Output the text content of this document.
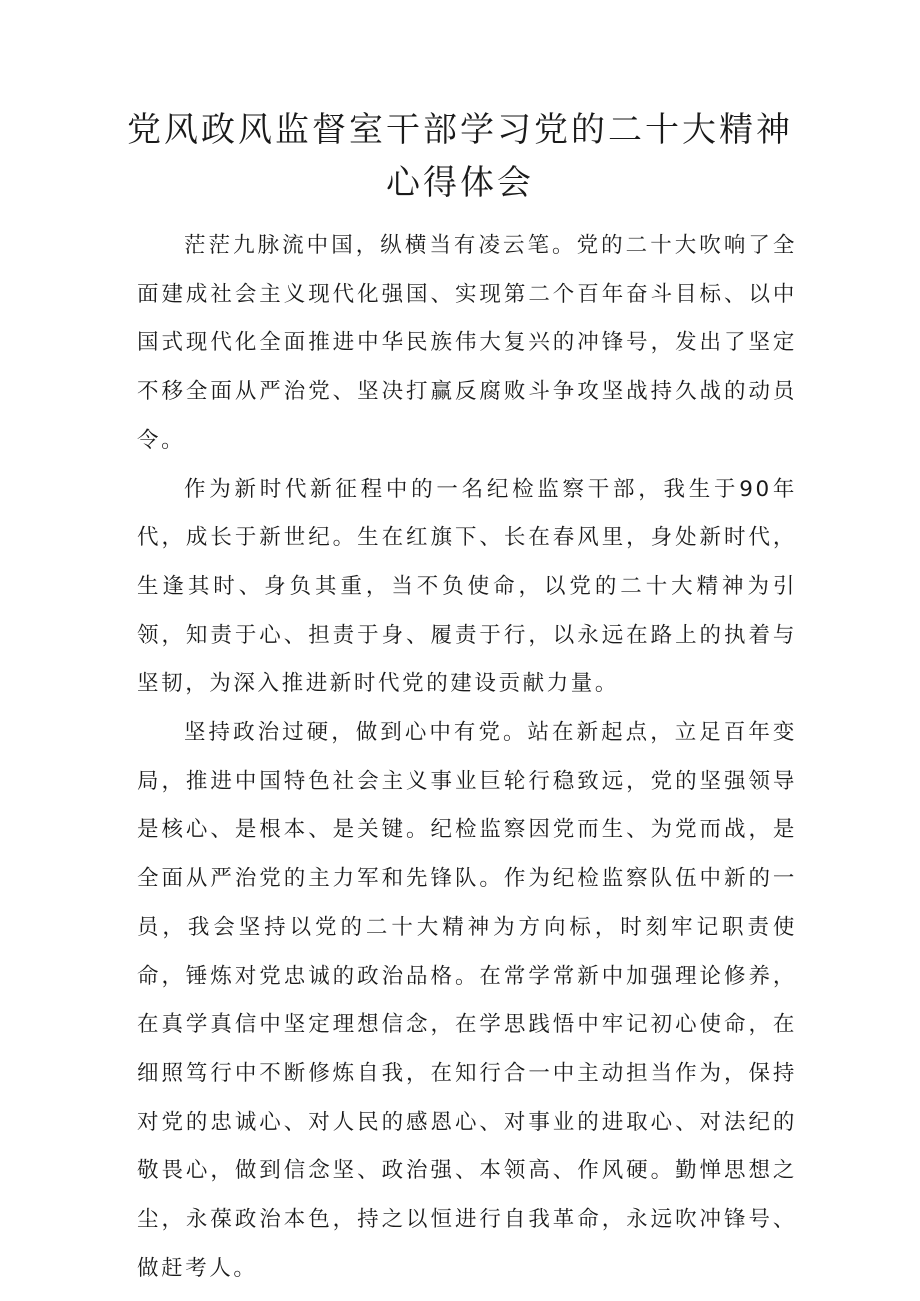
党风政风监督室干部学习党的二十大精神
心得体会

茫茫九脉流中国，纵横当有凌云笔。党的二十大吹响了全面建成社会主义现代化强国、实现第二个百年奋斗目标、以中国式现代化全面推进中华民族伟大复兴的冲锋号，发出了坚定不移全面从严治党、坚决打赢反腐败斗争攻坚战持久战的动员令。

作为新时代新征程中的一名纪检监察干部，我生于90年代，成长于新世纪。生在红旗下、长在春风里，身处新时代，生逢其时、身负其重，当不负使命，以党的二十大精神为引领，知责于心、担责于身、履责于行，以永远在路上的执着与坚韧，为深入推进新时代党的建设贡献力量。

坚持政治过硬，做到心中有党。站在新起点，立足百年变局，推进中国特色社会主义事业巨轮行稳致远，党的坚强领导是核心、是根本、是关键。纪检监察因党而生、为党而战，是全面从严治党的主力军和先锋队。作为纪检监察队伍中新的一员，我会坚持以党的二十大精神为方向标，时刻牢记职责使命，锤炼对党忠诚的政治品格。在常学常新中加强理论修养，在真学真信中坚定理想信念，在学思践悟中牢记初心使命，在细照笃行中不断修炼自我，在知行合一中主动担当作为，保持对党的忠诚心、对人民的感恩心、对事业的进取心、对法纪的敬畏心，做到信念坚、政治强、本领高、作风硬。勤惮思想之尘，永葆政治本色，持之以恒进行自我革命，永远吹冲锋号、做赶考人。
